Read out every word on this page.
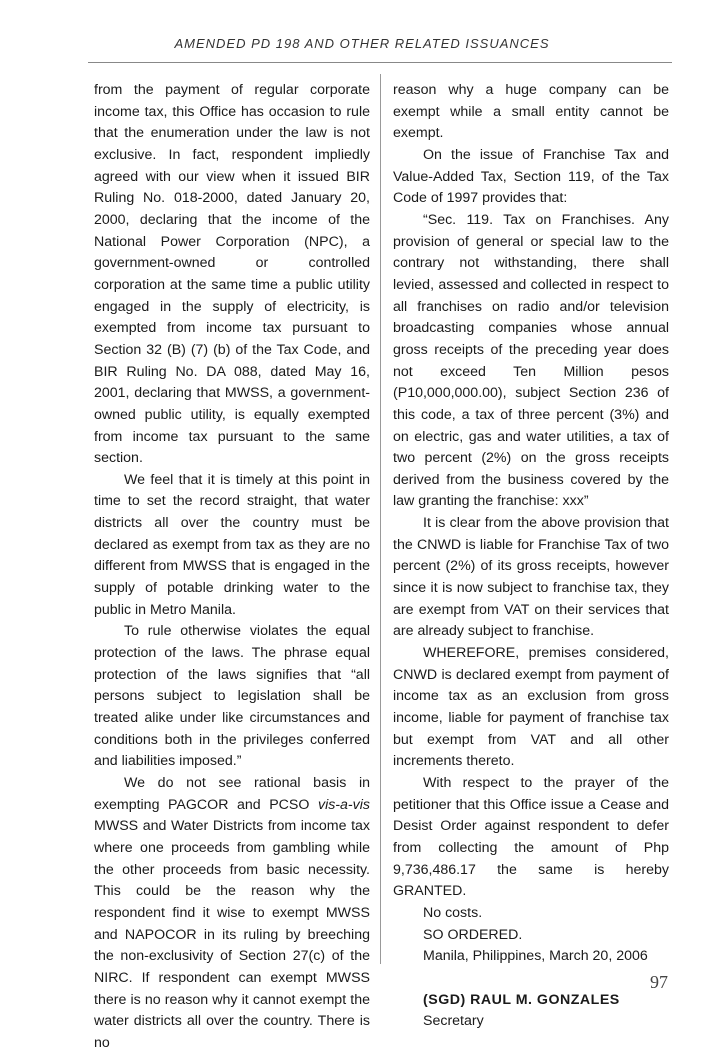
AMENDED PD 198 AND OTHER RELATED ISSUANCES

from the payment of regular corporate income tax, this Office has occasion to rule that the enumeration under the law is not exclusive. In fact, respondent impliedly agreed with our view when it issued BIR Ruling No. 018-2000, dated January 20, 2000, declaring that the income of the National Power Corporation (NPC), a government-owned or controlled corporation at the same time a public utility engaged in the supply of electricity, is exempted from income tax pursuant to Section 32 (B) (7) (b) of the Tax Code, and BIR Ruling No. DA 088, dated May 16, 2001, declaring that MWSS, a government-owned public utility, is equally exempted from income tax pursuant to the same section.

We feel that it is timely at this point in time to set the record straight, that water districts all over the country must be declared as exempt from tax as they are no different from MWSS that is engaged in the supply of potable drinking water to the public in Metro Manila.

To rule otherwise violates the equal protection of the laws. The phrase equal protection of the laws signifies that “all persons subject to legislation shall be treated alike under like circumstances and conditions both in the privileges conferred and liabilities imposed.”

We do not see rational basis in exempting PAGCOR and PCSO vis-a-vis MWSS and Water Districts from income tax where one proceeds from gambling while the other proceeds from basic necessity. This could be the reason why the respondent find it wise to exempt MWSS and NAPOCOR in its ruling by breeching the non-exclusivity of Section 27(c) of the NIRC. If respondent can exempt MWSS there is no reason why it cannot exempt the water districts all over the country. There is no

reason why a huge company can be exempt while a small entity cannot be exempt.

On the issue of Franchise Tax and Value-Added Tax, Section 119, of the Tax Code of 1997 provides that:

“Sec. 119. Tax on Franchises. Any provision of general or special law to the contrary not withstanding, there shall levied, assessed and collected in respect to all franchises on radio and/or television broadcasting companies whose annual gross receipts of the preceding year does not exceed Ten Million pesos (P10,000,000.00), subject Section 236 of this code, a tax of three percent (3%) and on electric, gas and water utilities, a tax of two percent (2%) on the gross receipts derived from the business covered by the law granting the franchise: xxx”

It is clear from the above provision that the CNWD is liable for Franchise Tax of two percent (2%) of its gross receipts, however since it is now subject to franchise tax, they are exempt from VAT on their services that are already subject to franchise.

WHEREFORE, premises considered, CNWD is declared exempt from payment of income tax as an exclusion from gross income, liable for payment of franchise tax but exempt from VAT and all other increments thereto.

With respect to the prayer of the petitioner that this Office issue a Cease and Desist Order against respondent to defer from collecting the amount of Php 9,736,486.17 the same is hereby GRANTED.

No costs.

SO ORDERED.

Manila, Philippines, March 20, 2006

(SGD) RAUL M. GONZALES

Secretary

97
